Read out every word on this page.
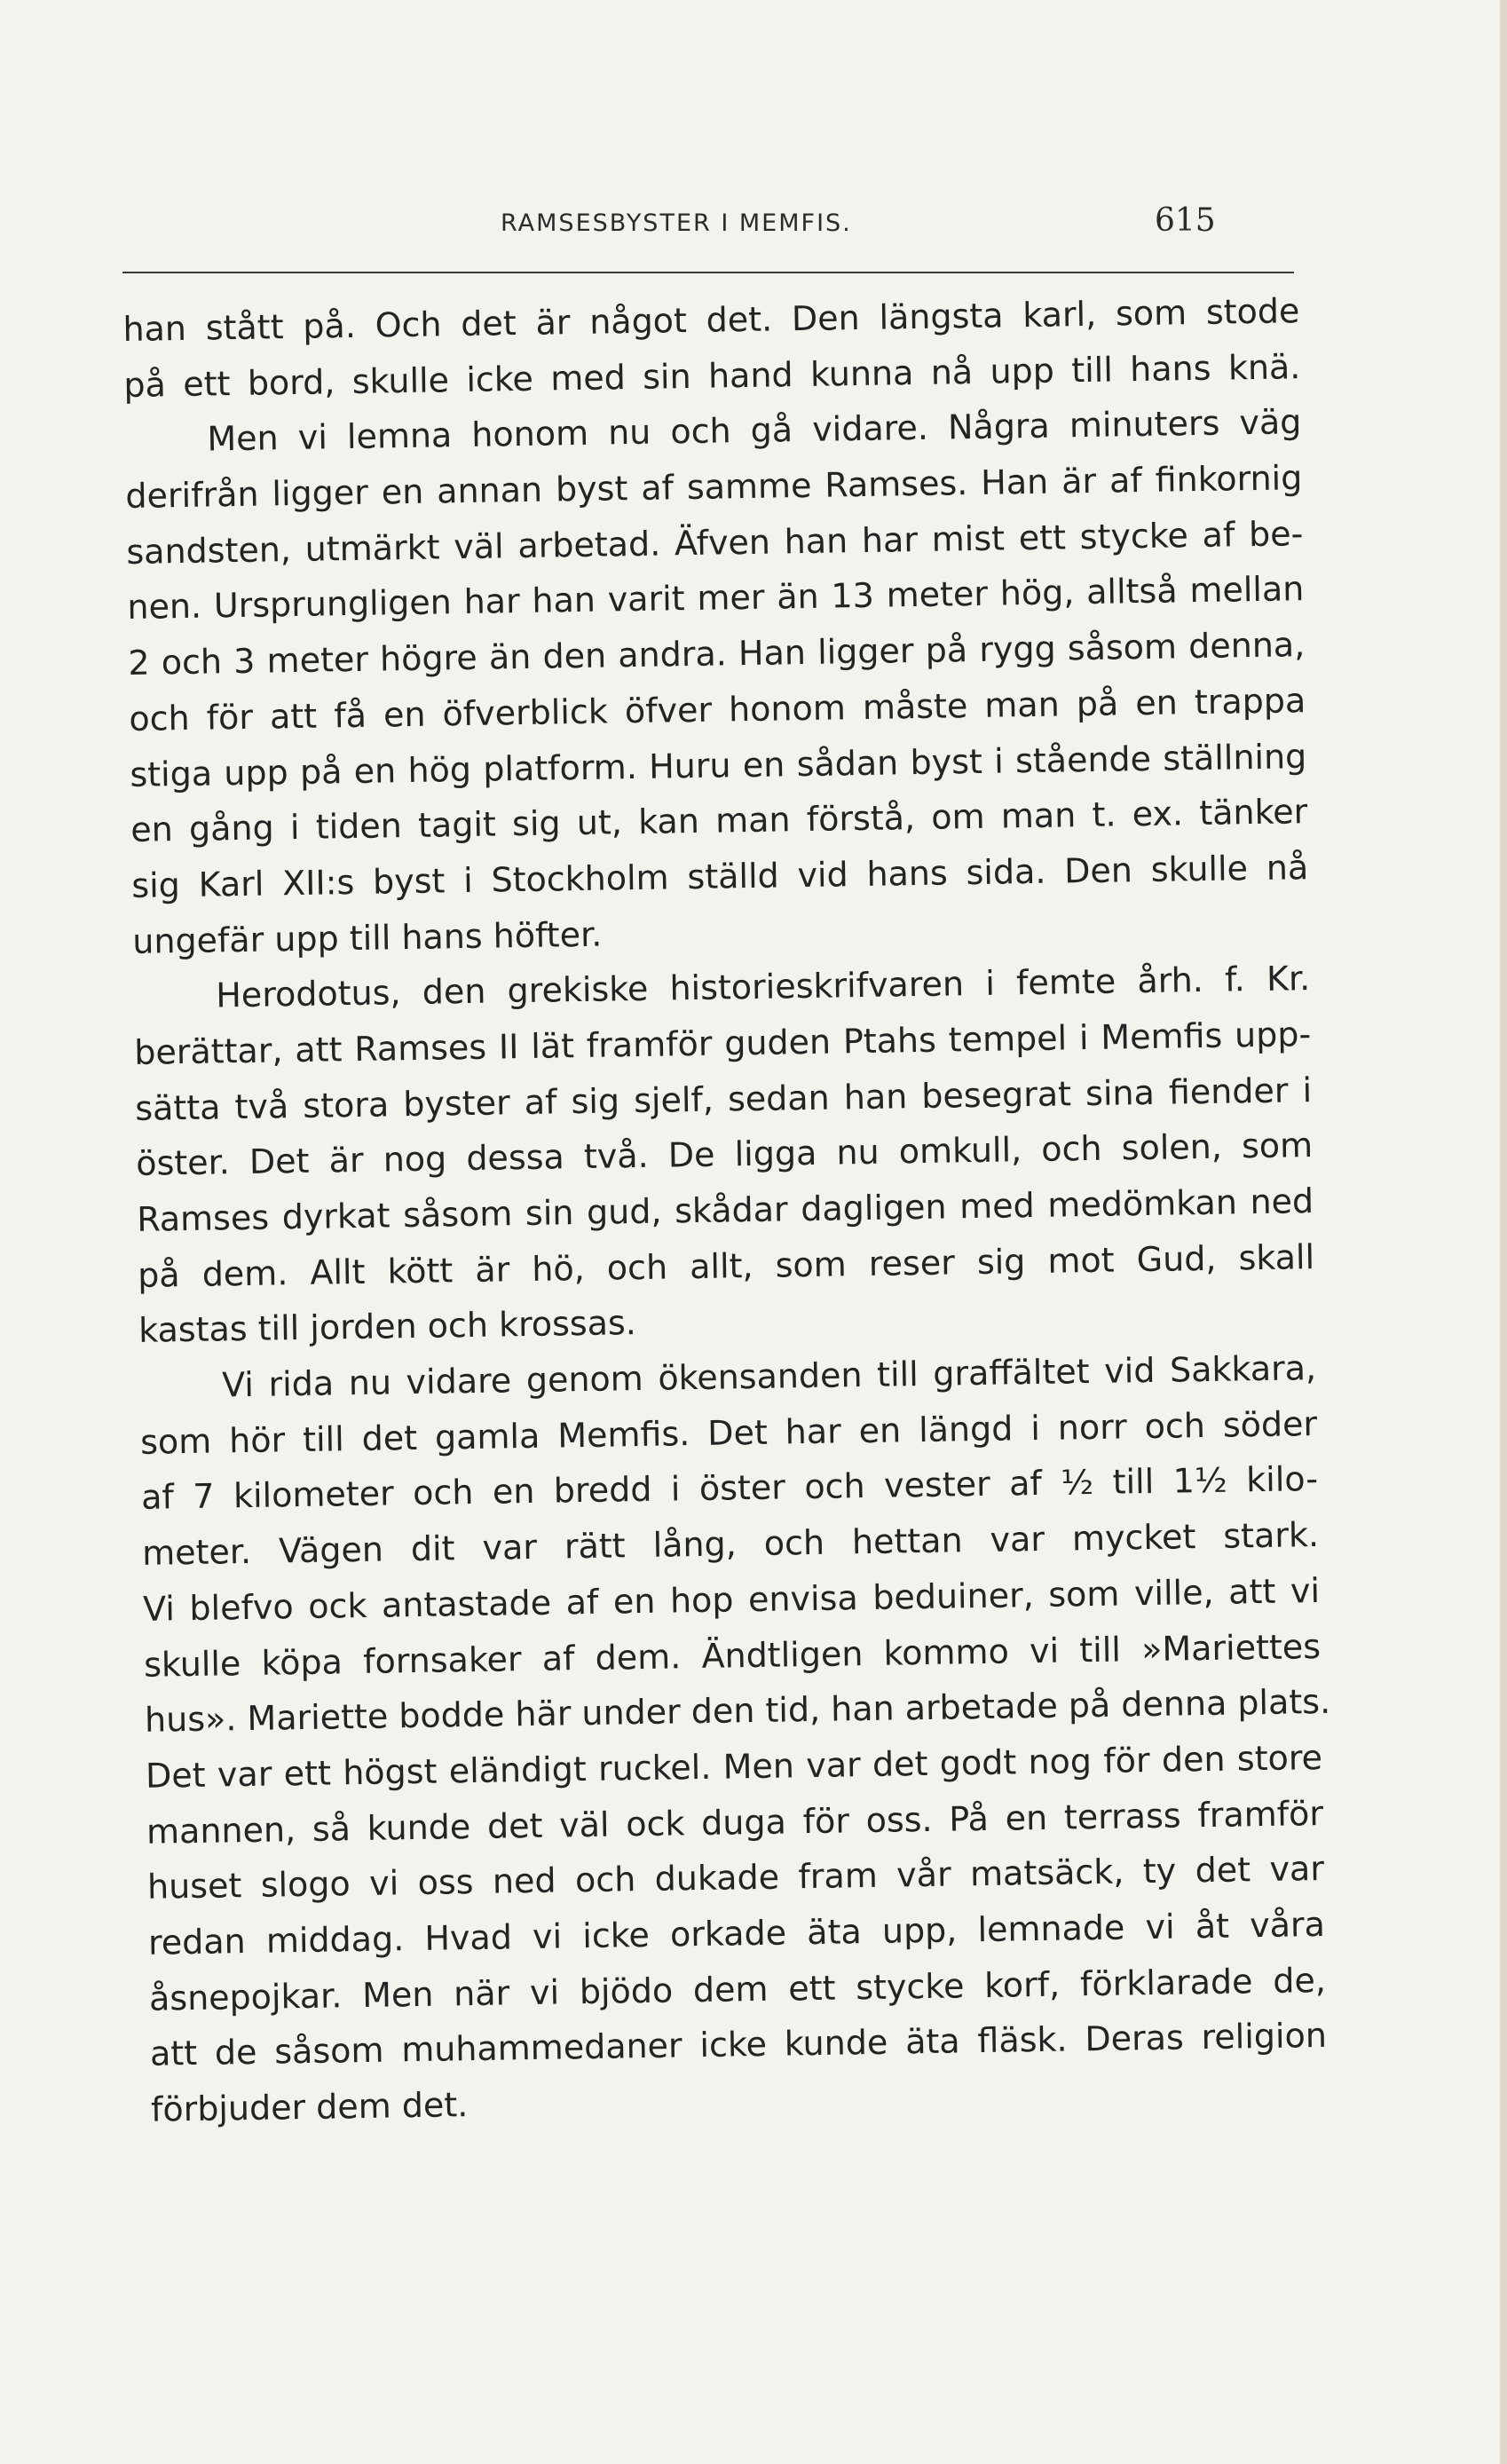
RAMSESBYSTER I MEMFIS.	615
han stått på. Och det är något det. Den längsta karl, som stode
på ett bord, skulle icke med sin hand kunna nå upp till hans knä.
Men vi lemna honom nu och gå vidare. Några minuters väg
derifrån ligger en annan byst af samme Ramses. Han är af finkornig
sandsten, utmärkt väl arbetad. Äfven han har mist ett stycke af be-
nen. Ursprungligen har han varit mer än 13 meter hög, alltså mellan
2 och 3 meter högre än den andra. Han ligger på rygg såsom denna,
och för att få en öfverblick öfver honom måste man på en trappa
stiga upp på en hög platform. Huru en sådan byst i stående ställning
en gång i tiden tagit sig ut, kan man förstå, om man t. ex. tänker
sig Karl XII:s byst i Stockholm ställd vid hans sida. Den skulle nå
ungefär upp till hans höfter.
Herodotus, den grekiske historieskrifvaren i femte årh. f. Kr.
berättar, att Ramses II lät framför guden Ptahs tempel i Memfis upp-
sätta två stora byster af sig sjelf, sedan han besegrat sina fiender i
öster. Det är nog dessa två. De ligga nu omkull, och solen, som
Ramses dyrkat såsom sin gud, skådar dagligen med medömkan ned
på dem. Allt kött är hö, och allt, som reser sig mot Gud, skall
kastas till jorden och krossas.
Vi rida nu vidare genom ökensanden till graffältet vid Sakkara,
som hör till det gamla Memfis. Det har en längd i norr och söder
af 7 kilometer och en bredd i öster och vester af ½ till 1½ kilo-
meter. Vägen dit var rätt lång, och hettan var mycket stark.
Vi blefvo ock antastade af en hop envisa beduiner, som ville, att vi
skulle köpa fornsaker af dem. Ändtligen kommo vi till »Mariettes
hus». Mariette bodde här under den tid, han arbetade på denna plats.
Det var ett högst eländigt ruckel. Men var det godt nog för den store
mannen, så kunde det väl ock duga för oss. På en terrass framför
huset slogo vi oss ned och dukade fram vår matsäck, ty det var
redan middag. Hvad vi icke orkade äta upp, lemnade vi åt våra
åsnepojkar. Men när vi bjödo dem ett stycke korf, förklarade de,
att de såsom muhammedaner icke kunde äta fläsk. Deras religion
förbjuder dem det.
